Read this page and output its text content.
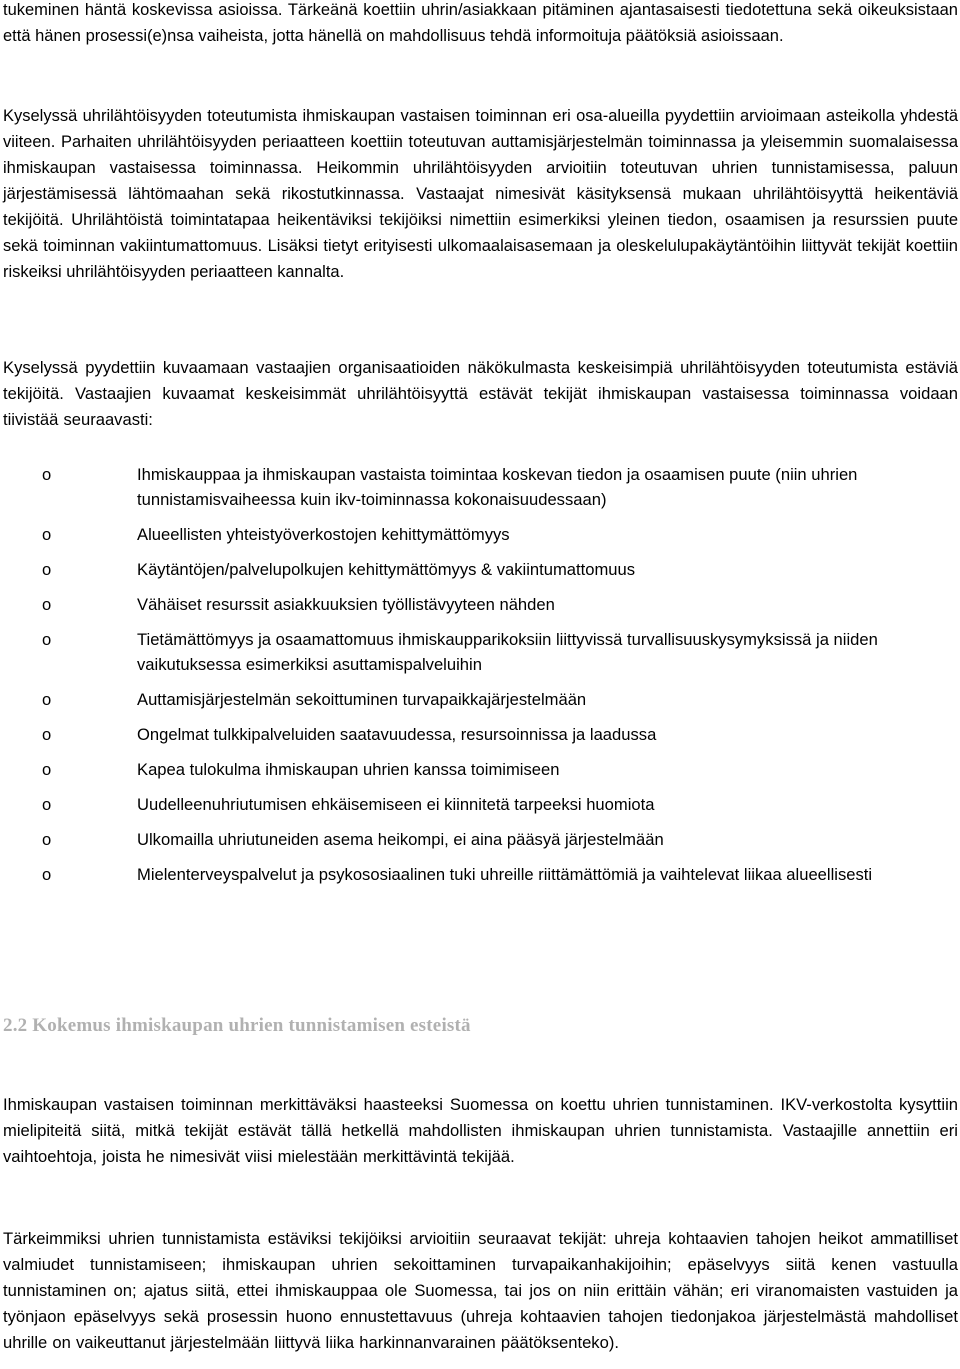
tukeminen häntä koskevissa asioissa. Tärkeänä koettiin uhrin/asiakkaan pitäminen ajantasaisesti tiedotettuna sekä oikeuksistaan että hänen prosessi(e)nsa vaiheista, jotta hänellä on mahdollisuus tehdä informoituja päätöksiä asioissaan.

Kyselyssä uhrilähtöisyyden toteutumista ihmiskaupan vastaisen toiminnan eri osa-alueilla pyydettiin arvioimaan asteikolla yhdestä viiteen. Parhaiten uhrilähtöisyyden periaatteen koettiin toteutuvan auttamisjärjestelmän toiminnassa ja yleisemmin suomalaisessa ihmiskaupan vastaisessa toiminnassa. Heikommin uhrilähtöisyyden arvioitiin toteutuvan uhrien tunnistamisessa, paluun järjestämisessä lähtömaahan sekä rikostutkinnassa. Vastaajat nimesivät käsityksensä mukaan uhrilähtöisyyttä heikentäviä tekijöitä. Uhrilähtöistä toimintatapaa heikentäviksi tekijöiksi nimettiin esimerkiksi yleinen tiedon, osaamisen ja resurssien puute sekä toiminnan vakiintumattomuus. Lisäksi tietyt erityisesti ulkomaalaisasemaan ja oleskelulupakäytäntöihin liittyvät tekijät koettiin riskeiksi uhrilähtöisyyden periaatteen kannalta.

Kyselyssä pyydettiin kuvaamaan vastaajien organisaatioiden näkökulmasta keskeisimpiä uhrilähtöisyyden toteutumista estäviä tekijöitä. Vastaajien kuvaamat keskeisimmät uhrilähtöisyyttä estävät tekijät ihmiskaupan vastaisessa toiminnassa voidaan tiivistää seuraavasti:

o	Ihmiskauppaa ja ihmiskaupan vastaista toimintaa koskevan tiedon ja osaamisen puute (niin uhrien tunnistamisvaiheessa kuin ikv-toiminnassa kokonaisuudessaan)
o	Alueellisten yhteistyöverkostojen kehittymättömyys
o	Käytäntöjen/palvelupolkujen kehittymättömyys & vakiintumattomuus
o	Vähäiset resurssit asiakkuuksien työllistävyyteen nähden
o	Tietämättömyys ja osaamattomuus ihmiskaupparikoksiin liittyvissä turvallisuuskysymyksissä ja niiden vaikutuksessa esimerkiksi asuttamispalveluihin
o	Auttamisjärjestelmän sekoittuminen turvapaikkajärjestelmään
o	Ongelmat tulkkipalveluiden saatavuudessa, resursoinnissa ja laadussa
o	Kapea tulokulma ihmiskaupan uhrien kanssa toimimiseen
o	Uudelleenuhriutumisen ehkäisemiseen ei kiinnitetä tarpeeksi huomiota
o	Ulkomailla uhriutuneiden asema heikompi, ei aina pääsyä järjestelmään
o	Mielenterveyspalvelut ja psykososiaalinen tuki uhreille riittämättömiä ja vaihtelevat liikaa alueellisesti
2.2 Kokemus ihmiskaupan uhrien tunnistamisen esteistä

Ihmiskaupan vastaisen toiminnan merkittäväksi haasteeksi Suomessa on koettu uhrien tunnistaminen. IKV-verkostolta kysyttiin mielipiteitä siitä, mitkä tekijät estävät tällä hetkellä mahdollisten ihmiskaupan uhrien tunnistamista. Vastaajille annettiin eri vaihtoehtoja, joista he nimesivät viisi mielestään merkittävintä tekijää.

Tärkeimmiksi uhrien tunnistamista estäviksi tekijöiksi arvioitiin seuraavat tekijät: uhreja kohtaavien tahojen heikot ammatilliset valmiudet tunnistamiseen; ihmiskaupan uhrien sekoittaminen turvapaikanhakijoihin; epäselvyys siitä kenen vastuulla tunnistaminen on; ajatus siitä, ettei ihmiskauppaa ole Suomessa, tai jos on niin erittäin vähän; eri viranomaisten vastuiden ja työnjaon epäselvyys sekä prosessin huono ennustettavuus (uhreja kohtaavien tahojen tiedonjakoa järjestelmästä mahdolliset uhrille on vaikeuttanut järjestelmään liittyvä liika harkinnanvarainen päätöksenteko).
